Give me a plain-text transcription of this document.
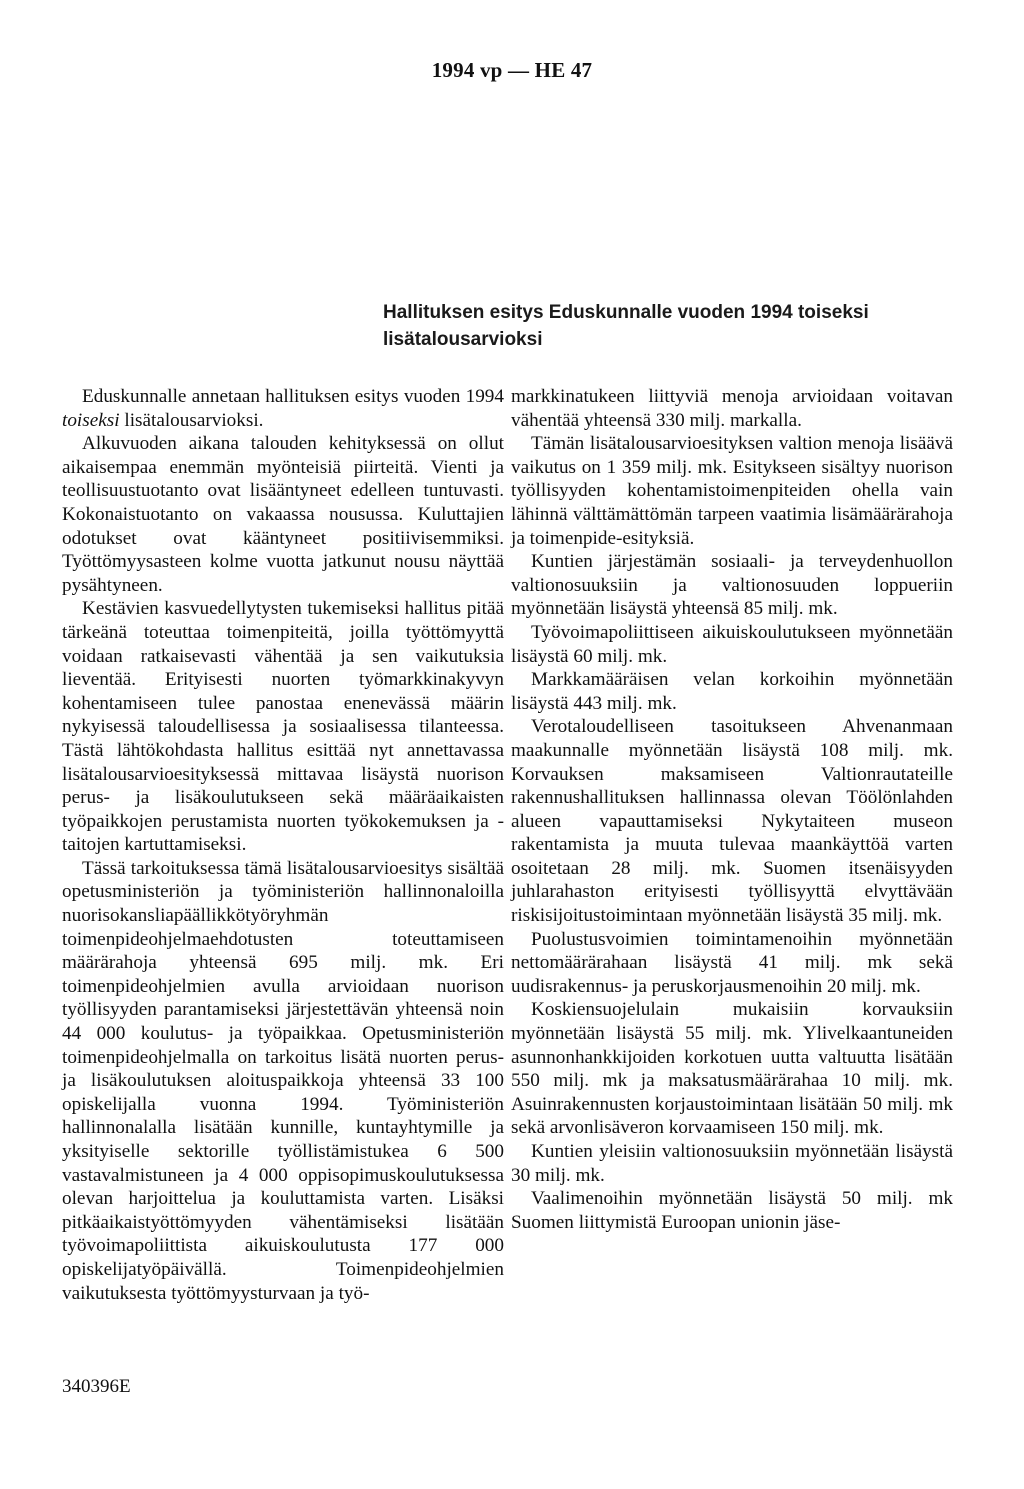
1994 vp — HE 47
Hallituksen esitys Eduskunnalle vuoden 1994 toiseksi lisätalousarvioksi

Eduskunnalle annetaan hallituksen esitys vuoden 1994 toiseksi lisätalousarvioksi.

Alkuvuoden aikana talouden kehityksessä on ollut aikaisempaa enemmän myönteisiä piirteitä. Vienti ja teollisuustuotanto ovat lisääntyneet edelleen tuntuvasti. Kokonaistuotanto on vakaassa nousussa. Kuluttajien odotukset ovat kääntyneet positiivisemmiksi. Työttömyysasteen kolme vuotta jatkunut nousu näyttää pysähtyneen.

Kestävien kasvuedellytysten tukemiseksi hallitus pitää tärkeänä toteuttaa toimenpiteitä, joilla työttömyyttä voidaan ratkaisevasti vähentää ja sen vaikutuksia lieventää. Erityisesti nuorten työmarkkinakyvyn kohentamiseen tulee panostaa enenevässä määrin nykyisessä taloudellisessa ja sosiaalisessa tilanteessa. Tästä lähtökohdasta hallitus esittää nyt annettavassa lisätalousarvioesityksessä mittavaa lisäystä nuorison perus- ja lisäkoulutukseen sekä määräaikaisten työpaikkojen perustamista nuorten työkokemuksen ja -taitojen kartuttamiseksi.

Tässä tarkoituksessa tämä lisätalousarvioesitys sisältää opetusministeriön ja työministeriön hallinnonaloilla nuorisokansliapäällikkötyöryhmän toimenpideohjelmaehdotusten toteuttamiseen määrärahoja yhteensä 695 milj. mk. Eri toimenpideohjelmien avulla arvioidaan nuorison työllisyyden parantamiseksi järjestettävän yhteensä noin 44 000 koulutus- ja työpaikkaa. Opetusministeriön toimenpideohjelmalla on tarkoitus lisätä nuorten perus- ja lisäkoulutuksen aloituspaikkoja yhteensä 33 100 opiskelijalla vuonna 1994. Työministeriön hallinnonalalla lisätään kunnille, kuntayhtymille ja yksityiselle sektorille työllistämistukea 6 500 vastavalmistuneen ja 4 000 oppisopimuskoulutuksessa olevan harjoittelua ja kouluttamista varten. Lisäksi pitkäaikaistyöttömyyden vähentämiseksi lisätään työvoimapoliittista aikuiskoulutusta 177 000 opiskelijatyöpäivällä. Toimenpideohjelmien vaikutuksesta työttömyysturvaan ja työ-

markkinatukeen liittyviä menoja arvioidaan voitavan vähentää yhteensä 330 milj. markalla.

Tämän lisätalousarvioesityksen valtion menoja lisäävä vaikutus on 1 359 milj. mk. Esitykseen sisältyy nuorison työllisyyden kohentamistoimenpiteiden ohella vain lähinnä välttämättömän tarpeen vaatimia lisämäärärahoja ja toimenpide-esityksiä.

Kuntien järjestämän sosiaali- ja terveydenhuollon valtionosuuksiin ja valtionosuuden loppueriin myönnetään lisäystä yhteensä 85 milj. mk.

Työvoimapoliittiseen aikuiskoulutukseen myönnetään lisäystä 60 milj. mk.

Markkamääräisen velan korkoihin myönnetään lisäystä 443 milj. mk.

Verotaloudelliseen tasoitukseen Ahvenanmaan maakunnalle myönnetään lisäystä 108 milj. mk. Korvauksen maksamiseen Valtionrautateille rakennushallituksen hallinnassa olevan Töölönlahden alueen vapauttamiseksi Nykytaiteen museon rakentamista ja muuta tulevaa maankäyttöä varten osoitetaan 28 milj. mk. Suomen itsenäisyyden juhlarahaston erityisesti työllisyyttä elvyttävään riskisijoitustoimintaan myönnetään lisäystä 35 milj. mk.

Puolustusvoimien toimintamenoihin myönnetään nettomäärärahaan lisäystä 41 milj. mk sekä uudisrakennus- ja peruskorjausmenoihin 20 milj. mk.

Koskiensuojelulain mukaisiin korvauksiin myönnetään lisäystä 55 milj. mk. Ylivelkaantuneiden asunnonhankkijoiden korkotuen uutta valtuutta lisätään 550 milj. mk ja maksatusmäärärahaa 10 milj. mk. Asuinrakennusten korjaustoimintaan lisätään 50 milj. mk sekä arvonlisäveron korvaamiseen 150 milj. mk.

Kuntien yleisiin valtionosuuksiin myönnetään lisäystä 30 milj. mk.

Vaalimenoihin myönnetään lisäystä 50 milj. mk Suomen liittymistä Euroopan unionin jäse-

340396E
